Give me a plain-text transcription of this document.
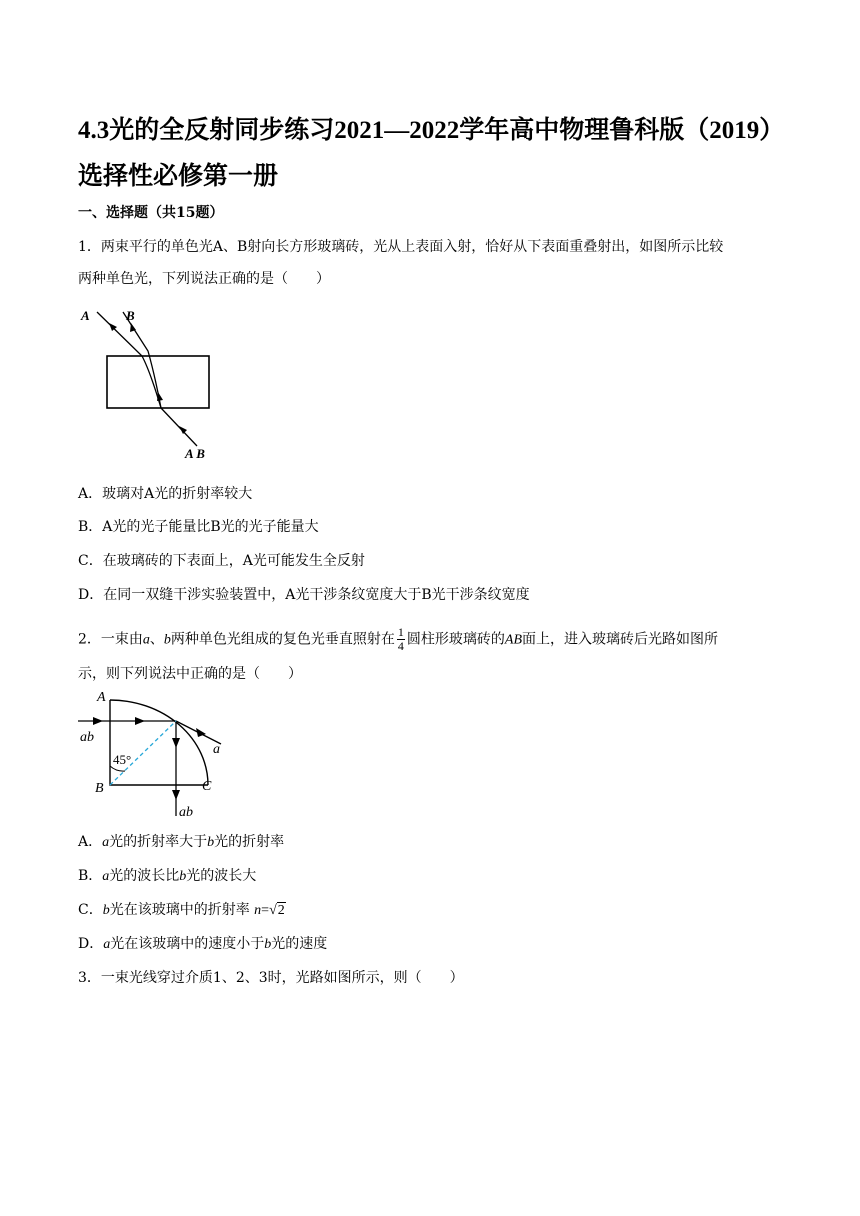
4.3光的全反射同步练习2021—2022学年高中物理鲁科版（2019）选择性必修第一册
一、选择题（共15题）
1．两束平行的单色光A、B射向长方形玻璃砖，光从上表面入射，恰好从下表面重叠射出，如图所示比较
两种单色光，下列说法正确的是（　　）
A	B
A B
A．玻璃对A光的折射率较大
B．A光的光子能量比B光的光子能量大
C．在玻璃砖的下表面上，A光可能发生全反射
D．在同一双缝干涉实验装置中，A光干涉条纹宽度大于B光干涉条纹宽度
2．一束由a、b两种单色光组成的复色光垂直照射在 $\frac{1}{4}$ 圆柱形玻璃砖的AB面上，进入玻璃砖后光路如图所
示，则下列说法中正确的是（　　）
45°
A
B	C
ab
a
ab
A．a光的折射率大于b光的折射率
B．a光的波长比b光的波长大
C．b光在该玻璃中的折射率 n=√2
D．a光在该玻璃中的速度小于b光的速度
3．一束光线穿过介质1、2、3时，光路如图所示，则（　　）
